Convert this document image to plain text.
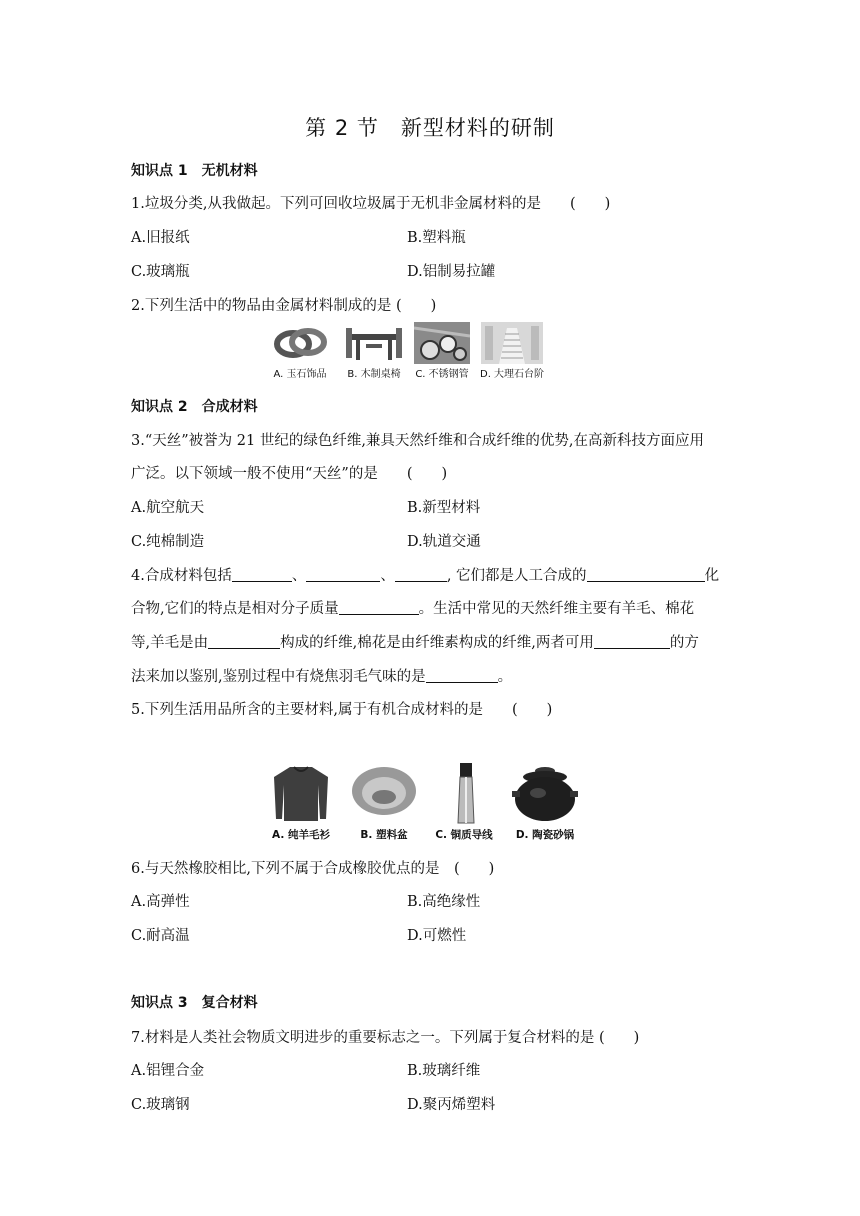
第 2 节　新型材料的研制
知识点 1　无机材料
1.垃圾分类,从我做起。下列可回收垃圾属于无机非金属材料的是　　(　　)
A.旧报纸	B.塑料瓶
C.玻璃瓶	D.铝制易拉罐
2.下列生活中的物品由金属材料制成的是 (　　)
A. 玉石饰品 B. 木制桌椅 C. 不锈钢管 D. 大理石台阶
知识点 2　合成材料
3.“天丝”被誉为 21 世纪的绿色纤维,兼具天然纤维和合成纤维的优势,在高新科技方面应用
广泛。以下领域一般不使用“天丝”的是　　(　　)
A.航空航天	B.新型材料
C.纯棉制造	D.轨道交通
4.合成材料包括	、	、	, 它们都是人工合成的	化
合物,它们的特点是相对分子质量	。生活中常见的天然纤维主要有羊毛、棉花
等,羊毛是由	构成的纤维,棉花是由纤维素构成的纤维,两者可用	的方
法来加以鉴别,鉴别过程中有烧焦羽毛气味的是	。
5.下列生活用品所含的主要材料,属于有机合成材料的是　　(　　)
A. 纯羊毛衫	B. 塑料盆	C. 铜质导线 D. 陶瓷砂锅
6.与天然橡胶相比,下列不属于合成橡胶优点的是　(　　)
A.高弹性	B.高绝缘性
C.耐高温	D.可燃性
知识点 3　复合材料
7.材料是人类社会物质文明进步的重要标志之一。下列属于复合材料的是 (　　)
A.铝锂合金	B.玻璃纤维
C.玻璃钢	D.聚丙烯塑料
